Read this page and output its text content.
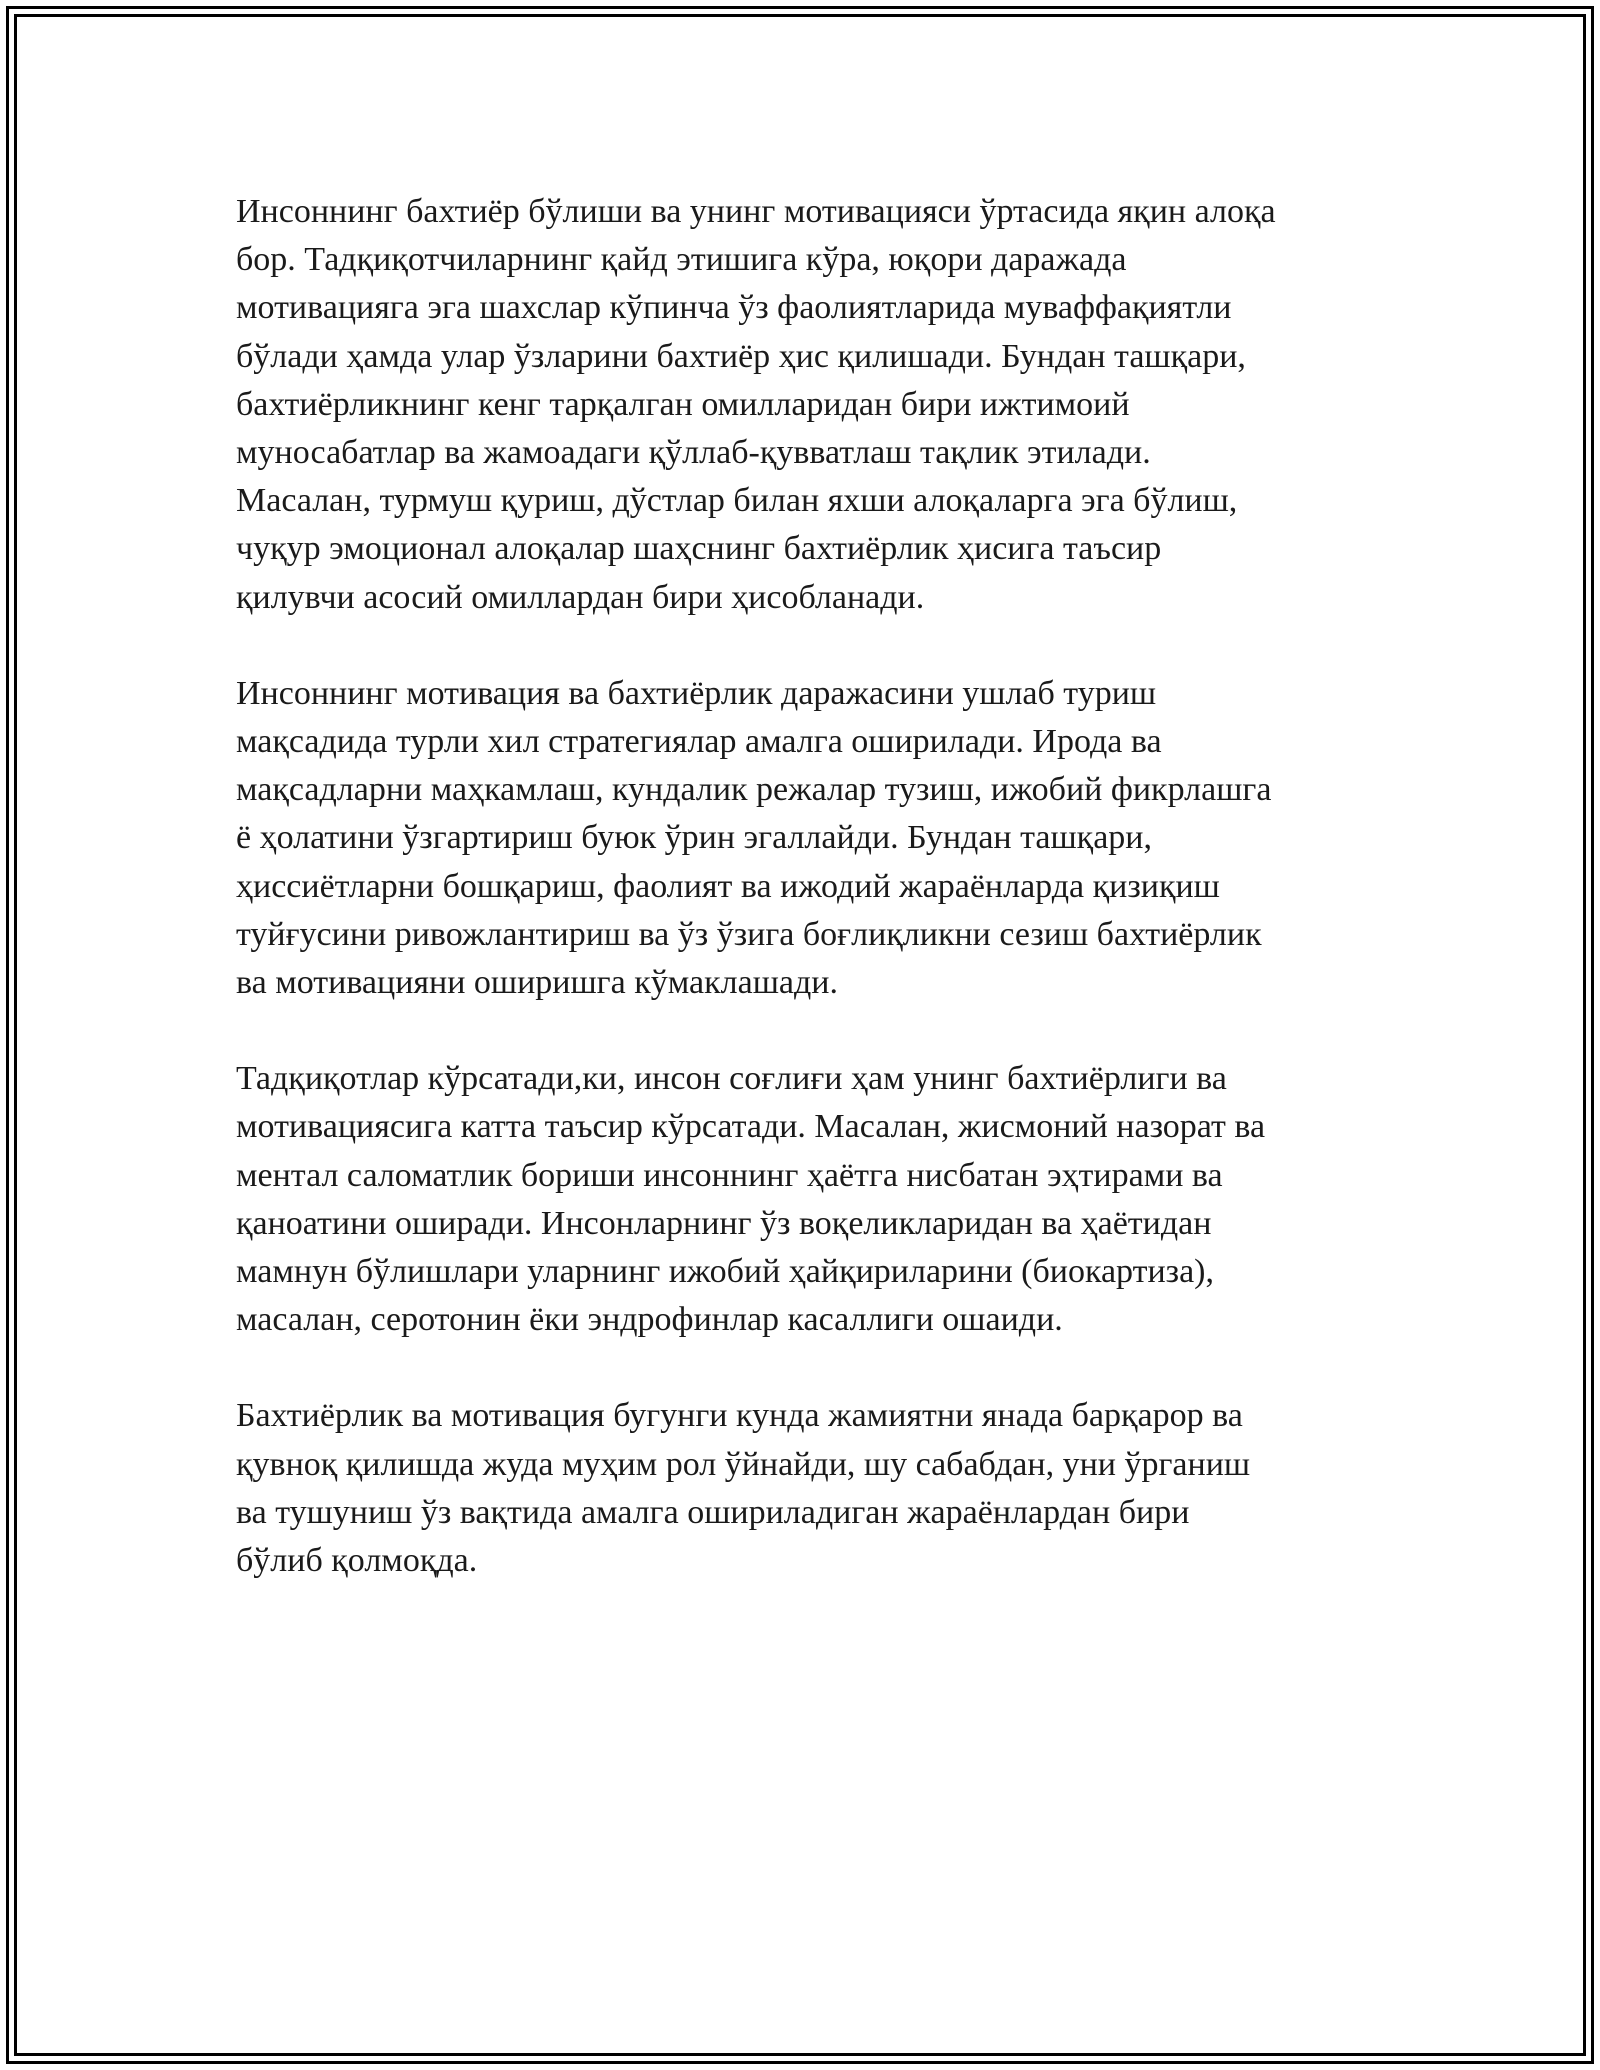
Инсоннинг бахтиёр бўлиши ва унинг мотивацияси ўртасида яқин алоқа
бор. Тадқиқотчиларнинг қайд этишига кўра, юқори даражада
мотивацияга эга шахслар кўпинча ўз фаолиятларида муваффақиятли
бўлади ҳамда улар ўзларини бахтиёр ҳис қилишади. Бундан ташқари,
бахтиёрликнинг кенг тарқалган омилларидан бири ижтимоий
муносабатлар ва жамоадаги қўллаб-қувватлаш тақлик этилади.
Масалан, турмуш қуриш, дўстлар билан яхши алоқаларга эга бўлиш,
чуқур эмоционал алоқалар шаҳснинг бахтиёрлик ҳисига таъсир
қилувчи асосий омиллардан бири ҳисобланади.

Инсоннинг мотивация ва бахтиёрлик даражасини ушлаб туриш
мақсадида турли хил стратегиялар амалга оширилади. Ирода ва
мақсадларни маҳкамлаш, кундалик режалар тузиш, ижобий фикрлашга
ё ҳолатини ўзгартириш буюк ўрин эгаллайди. Бундан ташқари,
ҳиссиётларни бошқариш, фаолият ва ижодий жараёнларда қизиқиш
туйғусини ривожлантириш ва ўз ўзига боғлиқликни сезиш бахтиёрлик
ва мотивацияни оширишга кўмаклашади.

Тадқиқотлар кўрсатади,ки, инсон соғлиғи ҳам унинг бахтиёрлиги ва
мотивациясига катта таъсир кўрсатади. Масалан, жисмоний назорат ва
ментал саломатлик бориши инсоннинг ҳаётга нисбатан эҳтирами ва
қаноатини оширади. Инсонларнинг ўз воқеликларидан ва ҳаётидан
мамнун бўлишлари уларнинг ижобий ҳайқириларини (биокартиза),
масалан, серотонин ёки эндрофинлар касаллиги ошаиди.

Бахтиёрлик ва мотивация бугунги кунда жамиятни янада барқарор ва
қувноқ қилишда жуда муҳим рол ўйнайди, шу сабабдан, уни ўрганиш
ва тушуниш ўз вақтида амалга ошириладиган жараёнлардан бири
бўлиб қолмоқда.
